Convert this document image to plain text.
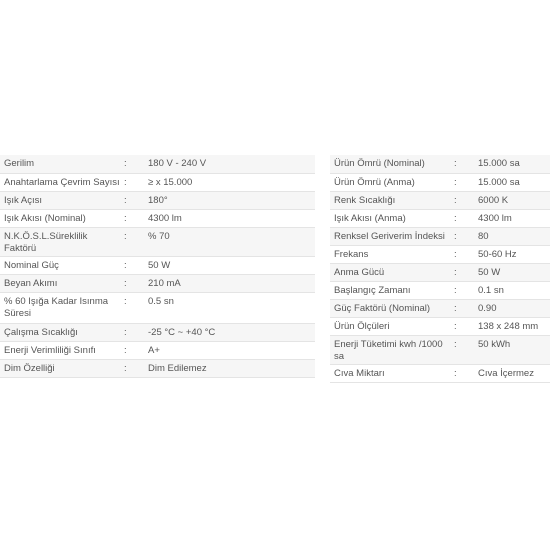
Gerilim	:	180 V - 240 V
Anahtarlama Çevrim Sayısı	:	≥ x 15.000
Işık Açısı	:	180°
Işık Akısı (Nominal)	:	4300 lm
N.K.Ö.S.L.Süreklilik Faktörü	:	% 70
Nominal Güç	:	50 W
Beyan Akımı	:	210 mA
% 60 Işığa Kadar Isınma Süresi	:	0.5 sn
Çalışma Sıcaklığı	:	-25 °C ~ +40 °C
Enerji Verimliliği Sınıfı	:	A+
Dim Özelliği	:	Dim Edilemez
Ürün Ömrü (Nominal)	:	15.000 sa
Ürün Ömrü (Anma)	:	15.000 sa
Renk Sıcaklığı	:	6000 K
Işık Akısı (Anma)	:	4300 lm
Renksel Geriverim İndeksi	:	80
Frekans	:	50-60 Hz
Anma Gücü	:	50 W
Başlangıç Zamanı	:	0.1 sn
Güç Faktörü (Nominal)	:	0.90
Ürün Ölçüleri	:	138 x 248 mm
Enerji Tüketimi kwh /1000 sa	:	50 kWh
Cıva Miktarı	:	Cıva İçermez
